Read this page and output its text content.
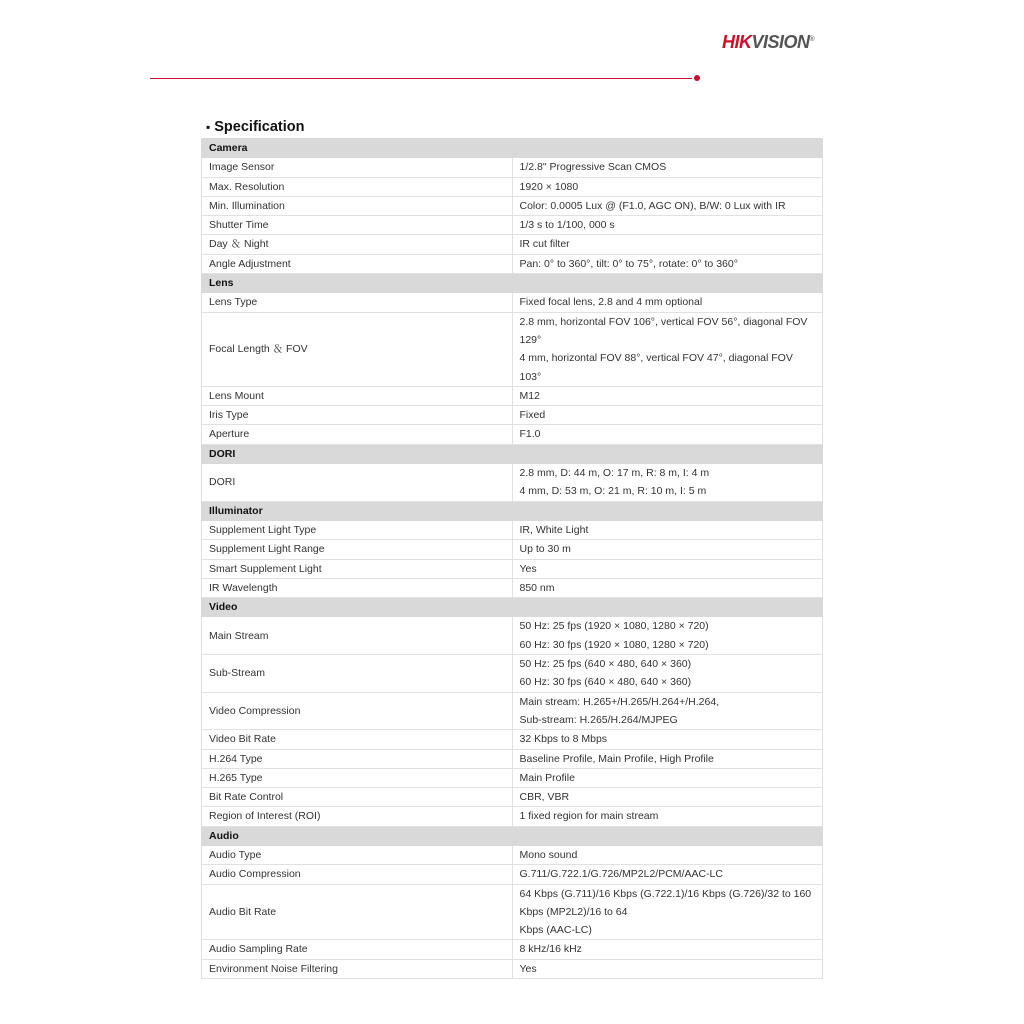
HIKVISION®
▪ Specification
Camera	
Image Sensor	1/2.8" Progressive Scan CMOS

Max. Resolution	1920 × 1080

Min. Illumination	Color: 0.0005 Lux @ (F1.0, AGC ON), B/W: 0 Lux with IR

Shutter Time	1/3 s to 1/100, 000 s

Day ＆ Night	IR cut filter

Angle Adjustment	Pan: 0° to 360°, tilt: 0° to 75°, rotate: 0° to 360°

Lens	
Lens Type	Fixed focal lens, 2.8 and 4 mm optional

Focal Length ＆ FOV	2.8 mm, horizontal FOV 106°, vertical FOV 56°, diagonal FOV 129°
4 mm, horizontal FOV 88°, vertical FOV 47°, diagonal FOV 103°

Lens Mount	M12

Iris Type	Fixed

Aperture	F1.0

DORI	
DORI	2.8 mm, D: 44 m, O: 17 m, R: 8 m, I: 4 m
4 mm, D: 53 m, O: 21 m, R: 10 m, I: 5 m

Illuminator	
Supplement Light Type	IR, White Light

Supplement Light Range	Up to 30 m

Smart Supplement Light	Yes

IR Wavelength	850 nm

Video	
Main Stream	50 Hz: 25 fps (1920 × 1080, 1280 × 720)
60 Hz: 30 fps (1920 × 1080, 1280 × 720)

Sub-Stream	50 Hz: 25 fps (640 × 480, 640 × 360)
60 Hz: 30 fps (640 × 480, 640 × 360)

Video Compression	Main stream: H.265+/H.265/H.264+/H.264,
Sub-stream: H.265/H.264/MJPEG

Video Bit Rate	32 Kbps to 8 Mbps

H.264 Type	Baseline Profile, Main Profile, High Profile

H.265 Type	Main Profile

Bit Rate Control	CBR, VBR

Region of Interest (ROI)	1 fixed region for main stream

Audio	
Audio Type	Mono sound

Audio Compression	G.711/G.722.1/G.726/MP2L2/PCM/AAC-LC

Audio Bit Rate	64 Kbps (G.711)/16 Kbps (G.722.1)/16 Kbps (G.726)/32 to 160 Kbps (MP2L2)/16 to 64
Kbps (AAC-LC)

Audio Sampling Rate	8 kHz/16 kHz

Environment Noise Filtering	Yes
